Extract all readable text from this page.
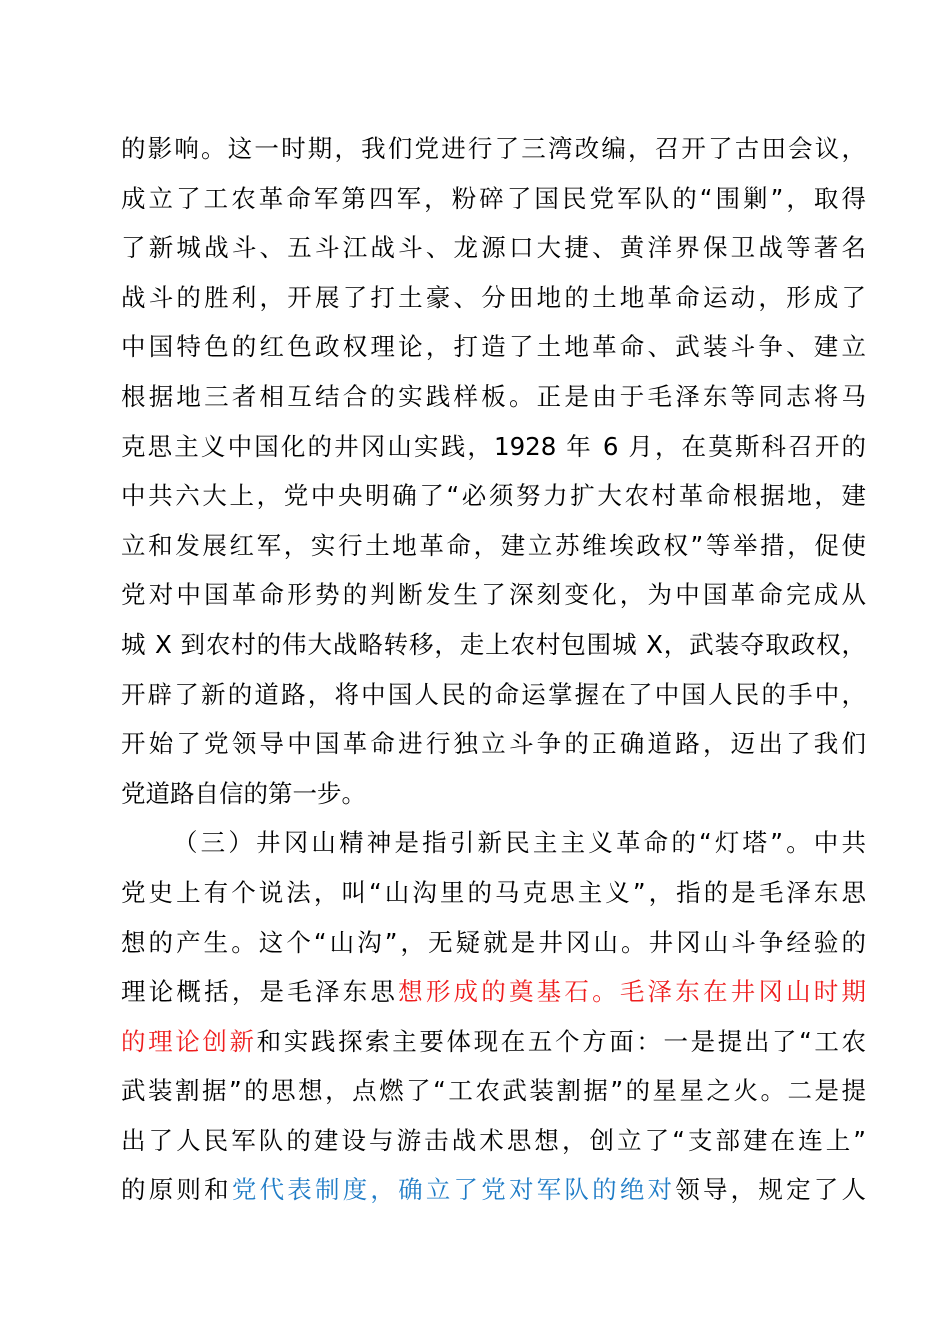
的影响。这一时期，我们党进行了三湾改编，召开了古田会议，
成立了工农革命军第四军，粉碎了国民党军队的“围剿”，取得
了新城战斗、五斗江战斗、龙源口大捷、黄洋界保卫战等著名
战斗的胜利，开展了打土豪、分田地的土地革命运动，形成了
中国特色的红色政权理论，打造了土地革命、武装斗争、建立
根据地三者相互结合的实践样板。正是由于毛泽东等同志将马
克思主义中国化的井冈山实践，1928 年 6 月，在莫斯科召开的
中共六大上，党中央明确了“必须努力扩大农村革命根据地，建
立和发展红军，实行土地革命，建立苏维埃政权”等举措，促使
党对中国革命形势的判断发生了深刻变化，为中国革命完成从
城 X 到农村的伟大战略转移，走上农村包围城 X，武装夺取政权，
开辟了新的道路，将中国人民的命运掌握在了中国人民的手中，
开始了党领导中国革命进行独立斗争的正确道路，迈出了我们
党道路自信的第一步。
（三）井冈山精神是指引新民主主义革命的“灯塔”。中共
党史上有个说法，叫“山沟里的马克思主义”，指的是毛泽东思
想的产生。这个“山沟”，无疑就是井冈山。井冈山斗争经验的
理论概括，是毛泽东思想形成的奠基石。毛泽东在井冈山时期
的理论创新和实践探索主要体现在五个方面：一是提出了“工农
武装割据”的思想，点燃了“工农武装割据”的星星之火。二是提
出了人民军队的建设与游击战术思想，创立了“支部建在连上”
的原则和党代表制度，确立了党对军队的绝对领导，规定了人
